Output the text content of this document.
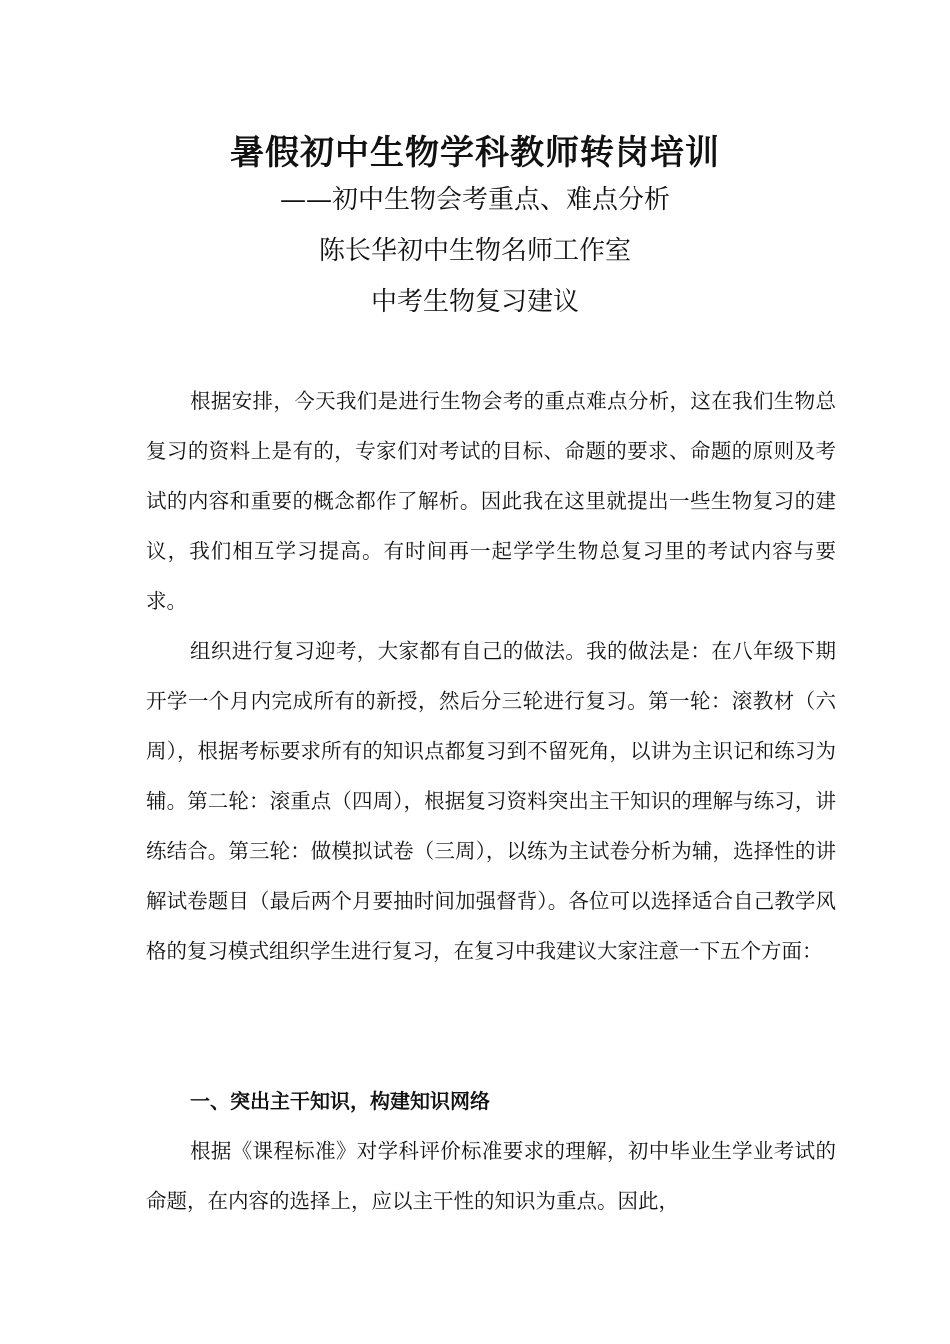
暑假初中生物学科教师转岗培训
——初中生物会考重点、难点分析
陈长华初中生物名师工作室
中考生物复习建议
根据安排，今天我们是进行生物会考的重点难点分析，这在我们生物总复习的资料上是有的，专家们对考试的目标、命题的要求、命题的原则及考试的内容和重要的概念都作了解析。因此我在这里就提出一些生物复习的建议，我们相互学习提高。有时间再一起学学生物总复习里的考试内容与要求。
组织进行复习迎考，大家都有自己的做法。我的做法是：在八年级下期开学一个月内完成所有的新授，然后分三轮进行复习。第一轮：滚教材（六周），根据考标要求所有的知识点都复习到不留死角，以讲为主识记和练习为辅。第二轮：滚重点（四周），根据复习资料突出主干知识的理解与练习，讲练结合。第三轮：做模拟试卷（三周），以练为主试卷分析为辅，选择性的讲解试卷题目（最后两个月要抽时间加强督背）。各位可以选择适合自己教学风格的复习模式组织学生进行复习，在复习中我建议大家注意一下五个方面：
一、突出主干知识，构建知识网络
根据《课程标准》对学科评价标准要求的理解，初中毕业生学业考试的命题，在内容的选择上，应以主干性的知识为重点。因此，
